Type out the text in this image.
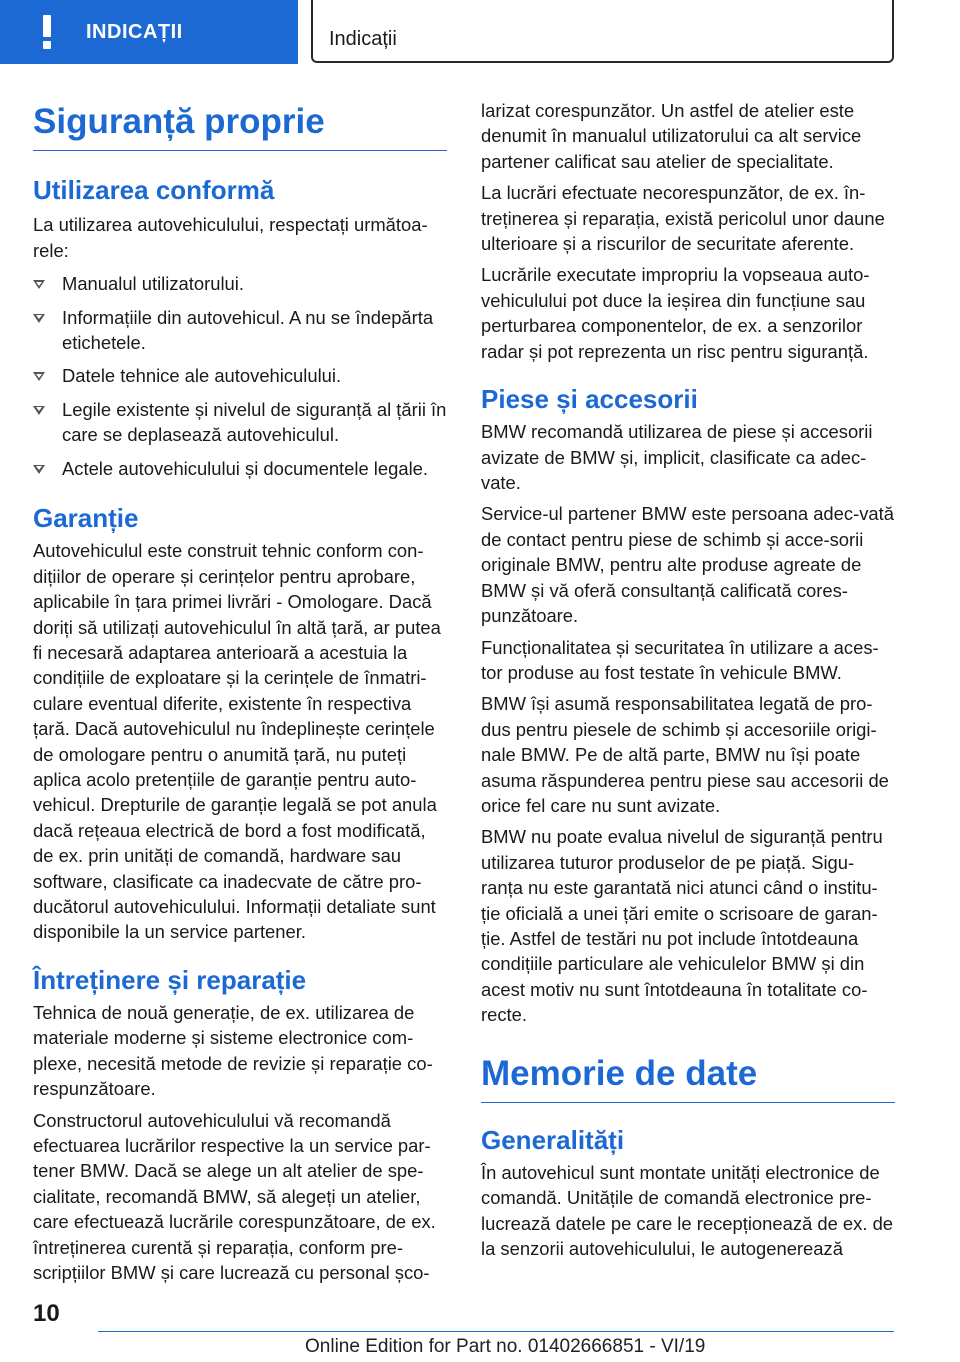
INDICAȚII	Indicații
Siguranță proprie
Utilizarea conformă

La utilizarea autovehiculului, respectați următoa-rele:

Manualul utilizatorului.
Informațiile din autovehicul. A nu se îndepărta etichetele.
Datele tehnice ale autovehiculului.
Legile existente și nivelul de siguranță al țării în care se deplasează autovehiculul.
Actele autovehiculului și documentele legale.
Garanție

Autovehiculul este construit tehnic conform con-dițiilor de operare și cerințelor pentru aprobare, aplicabile în țara primei livrări - Omologare. Dacă doriți să utilizați autovehiculul în altă țară, ar putea fi necesară adaptarea anterioară a acestuia la condițiile de exploatare și la cerințele de înmatri-culare eventual diferite, existente în respectiva țară. Dacă autovehiculul nu îndeplinește cerințele de omologare pentru o anumită țară, nu puteți aplica acolo pretențiile de garanție pentru auto-vehicul. Drepturile de garanție legală se pot anula dacă rețeaua electrică de bord a fost modificată, de ex. prin unități de comandă, hardware sau software, clasificate ca inadecvate de către pro-ducătorul autovehiculului. Informații detaliate sunt disponibile la un service partener.

Întreținere și reparație

Tehnica de nouă generație, de ex. utilizarea de materiale moderne și sisteme electronice com-plexe, necesită metode de revizie și reparație co-respunzătoare.

Constructorul autovehiculului vă recomandă efectuarea lucrărilor respective la un service par-tener BMW. Dacă se alege un alt atelier de spe-cialitate, recomandă BMW, să alegeți un atelier, care efectuează lucrările corespunzătoare, de ex. întreținerea curentă și reparația, conform pre-scripțiilor BMW și care lucrează cu personal șco-

larizat corespunzător. Un astfel de atelier este denumit în manualul utilizatorului ca alt service partener calificat sau atelier de specialitate.

La lucrări efectuate necorespunzător, de ex. în-treținerea și reparația, există pericolul unor daune ulterioare și a riscurilor de securitate aferente.

Lucrările executate impropriu la vopseaua auto-vehiculului pot duce la ieșirea din funcțiune sau perturbarea componentelor, de ex. a senzorilor radar și pot reprezenta un risc pentru siguranță.

Piese și accesorii

BMW recomandă utilizarea de piese și accesorii avizate de BMW și, implicit, clasificate ca adec-vate.

Service-ul partener BMW este persoana adec-vată de contact pentru piese de schimb și acce-sorii originale BMW, pentru alte produse agreate de BMW și vă oferă consultanță calificată cores-punzătoare.

Funcționalitatea și securitatea în utilizare a aces-tor produse au fost testate în vehicule BMW.

BMW își asumă responsabilitatea legată de pro-dus pentru piesele de schimb și accesoriile origi-nale BMW. Pe de altă parte, BMW nu își poate asuma răspunderea pentru piese sau accesorii de orice fel care nu sunt avizate.

BMW nu poate evalua nivelul de siguranță pentru utilizarea tuturor produselor de pe piață. Sigu-ranța nu este garantată nici atunci când o institu-ție oficială a unei țări emite o scrisoare de garan-ție. Astfel de testări nu pot include întotdeauna condițiile particulare ale vehiculelor BMW și din acest motiv nu sunt întotdeauna în totalitate co-recte.

Memorie de date
Generalități

În autovehicul sunt montate unități electronice de comandă. Unitățile de comandă electronice pre-lucrează datele pe care le recepționează de ex. de la senzorii autovehiculului, le autogenerează

10
Online Edition for Part no. 01402666851 - VI/19
